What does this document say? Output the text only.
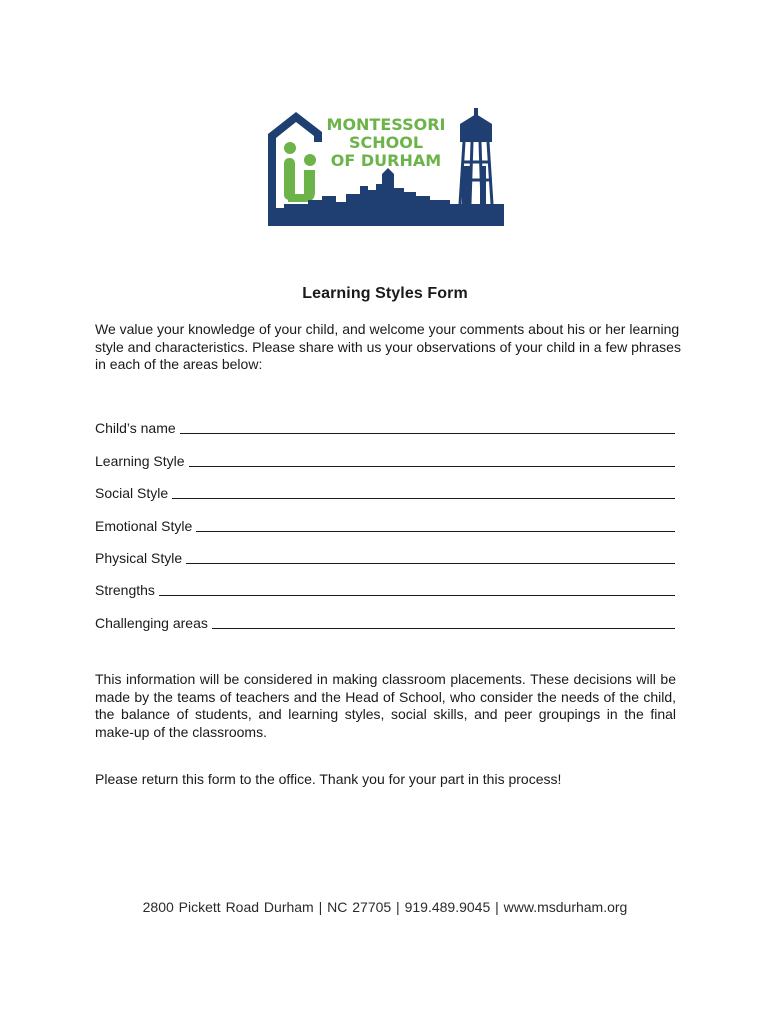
MONTESSORI
SCHOOL
OF DURHAM
Learning Styles Form
We value your knowledge of your child, and welcome your comments about his or her learning style and characteristics. Please share with us your observations of your child in a few phrases in each of the areas below:
Child’s name
Learning Style
Social Style
Emotional Style
Physical Style
Strengths
Challenging areas
This information will be considered in making classroom placements. These decisions will be made by the teams of teachers and the Head of School, who consider the needs of the child, the balance of students, and learning styles, social skills, and peer groupings in the final make-up of the classrooms.
Please return this form to the office. Thank you for your part in this process!
2800 Pickett Road Durham | NC 27705 | 919.489.9045 | www.msdurham.org
